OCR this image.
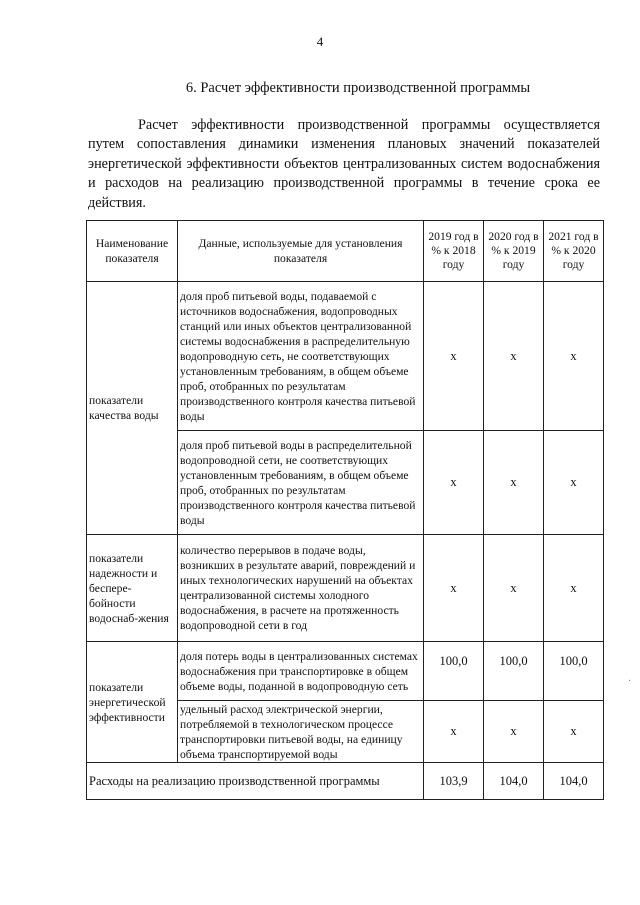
4
6. Расчет эффективности производственной программы

Расчет эффективности производственной программы осуществляется путем сопоставления динамики изменения плановых значений показателей энергетической эффективности объектов централизованных систем водоснабжения и расходов на реализацию производственной программы в течение срока ее действия.

Наименование показателя	Данные, используемые для установления показателя	2019 год в % к 2018 году	2020 год в % к 2019 году	2021 год в % к 2020 году
показатели качества воды	доля проб питьевой воды, подаваемой с источников водоснабжения, водопроводных станций или иных объектов централизованной системы водоснабжения в распределительную водопроводную сеть, не соответствующих установленным требованиям, в общем объеме проб, отобранных по результатам производственного контроля качества питьевой воды	x	x	x
	доля проб питьевой воды в распределительной водопроводной сети, не соответствующих установленным требованиям, в общем объеме проб, отобранных по результатам производственного контроля качества питьевой воды	x	x	x
показатели надежности и беспере-бойности водоснаб-жения	количество перерывов в подаче воды, возникших в результате аварий, повреждений и иных технологических нарушений на объектах централизованной системы холодного водоснабжения, в расчете на протяженность водопроводной сети в год	x	x	x
показатели энергетической эффективности	доля потерь воды в централизованных системах водоснабжения при транспортировке в общем объеме воды, поданной в водопроводную сеть	100,0	100,0	100,0
	удельный расход электрической энергии, потребляемой в технологическом процессе транспортировки питьевой воды, на единицу объема транспортируемой воды	x	x	x
Расходы на реализацию производственной программы		103,9	104,0	104,0
·
